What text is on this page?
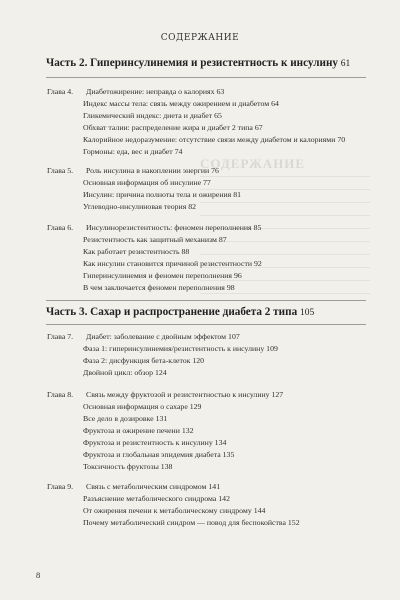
СОДЕРЖАНИЕ
СОДЕРЖАНИЕ
Часть 2. Гиперинсулинемия и резистентность к инсулину 61
Глава 4. Диабетожирение: неправда о калориях 63
Индекс массы тела: связь между ожирением и диабетом 64
Гликемический индекс: диета и диабет 65
Обхват талии: распределение жира и диабет 2 типа 67
Калорийное недоразумение: отсутствие связи между диабетом и калориями 70
Гормоны: еда, вес и диабет 74
Глава 5. Роль инсулина в накоплении энергии 76
Основная информация об инсулине 77
Инсулин: причина полноты тела и ожирения 81
Углеводно-инсулиновая теория 82
Глава 6. Инсулинорезистентность: феномен переполнения 85
Резистентность как защитный механизм 87
Как работает резистентность 88
Как инсулин становится причиной резистентности 92
Гиперинсулинемия и феномен переполнения 96
В чем заключается феномен переполнения 98
Часть 3. Сахар и распространение диабета 2 типа 105
Глава 7. Диабет: заболевание с двойным эффектом 107
Фаза 1: гиперинсулинемия/резистентность к инсулину 109
Фаза 2: дисфункция бета-клеток 120
Двойной цикл: обзор 124
Глава 8. Связь между фруктозой и резистентностью к инсулину 127
Основная информация о сахаре 129
Все дело в дозировке 131
Фруктоза и ожирение печени 132
Фруктоза и резистентность к инсулину 134
Фруктоза и глобальная эпидемия диабета 135
Токсичность фруктозы 138
Глава 9. Связь с метаболическим синдромом 141
Разъяснение метаболического синдрома 142
От ожирения печени к метаболическому синдрому 144
Почему метаболический синдром — повод для беспокойства 152
8
